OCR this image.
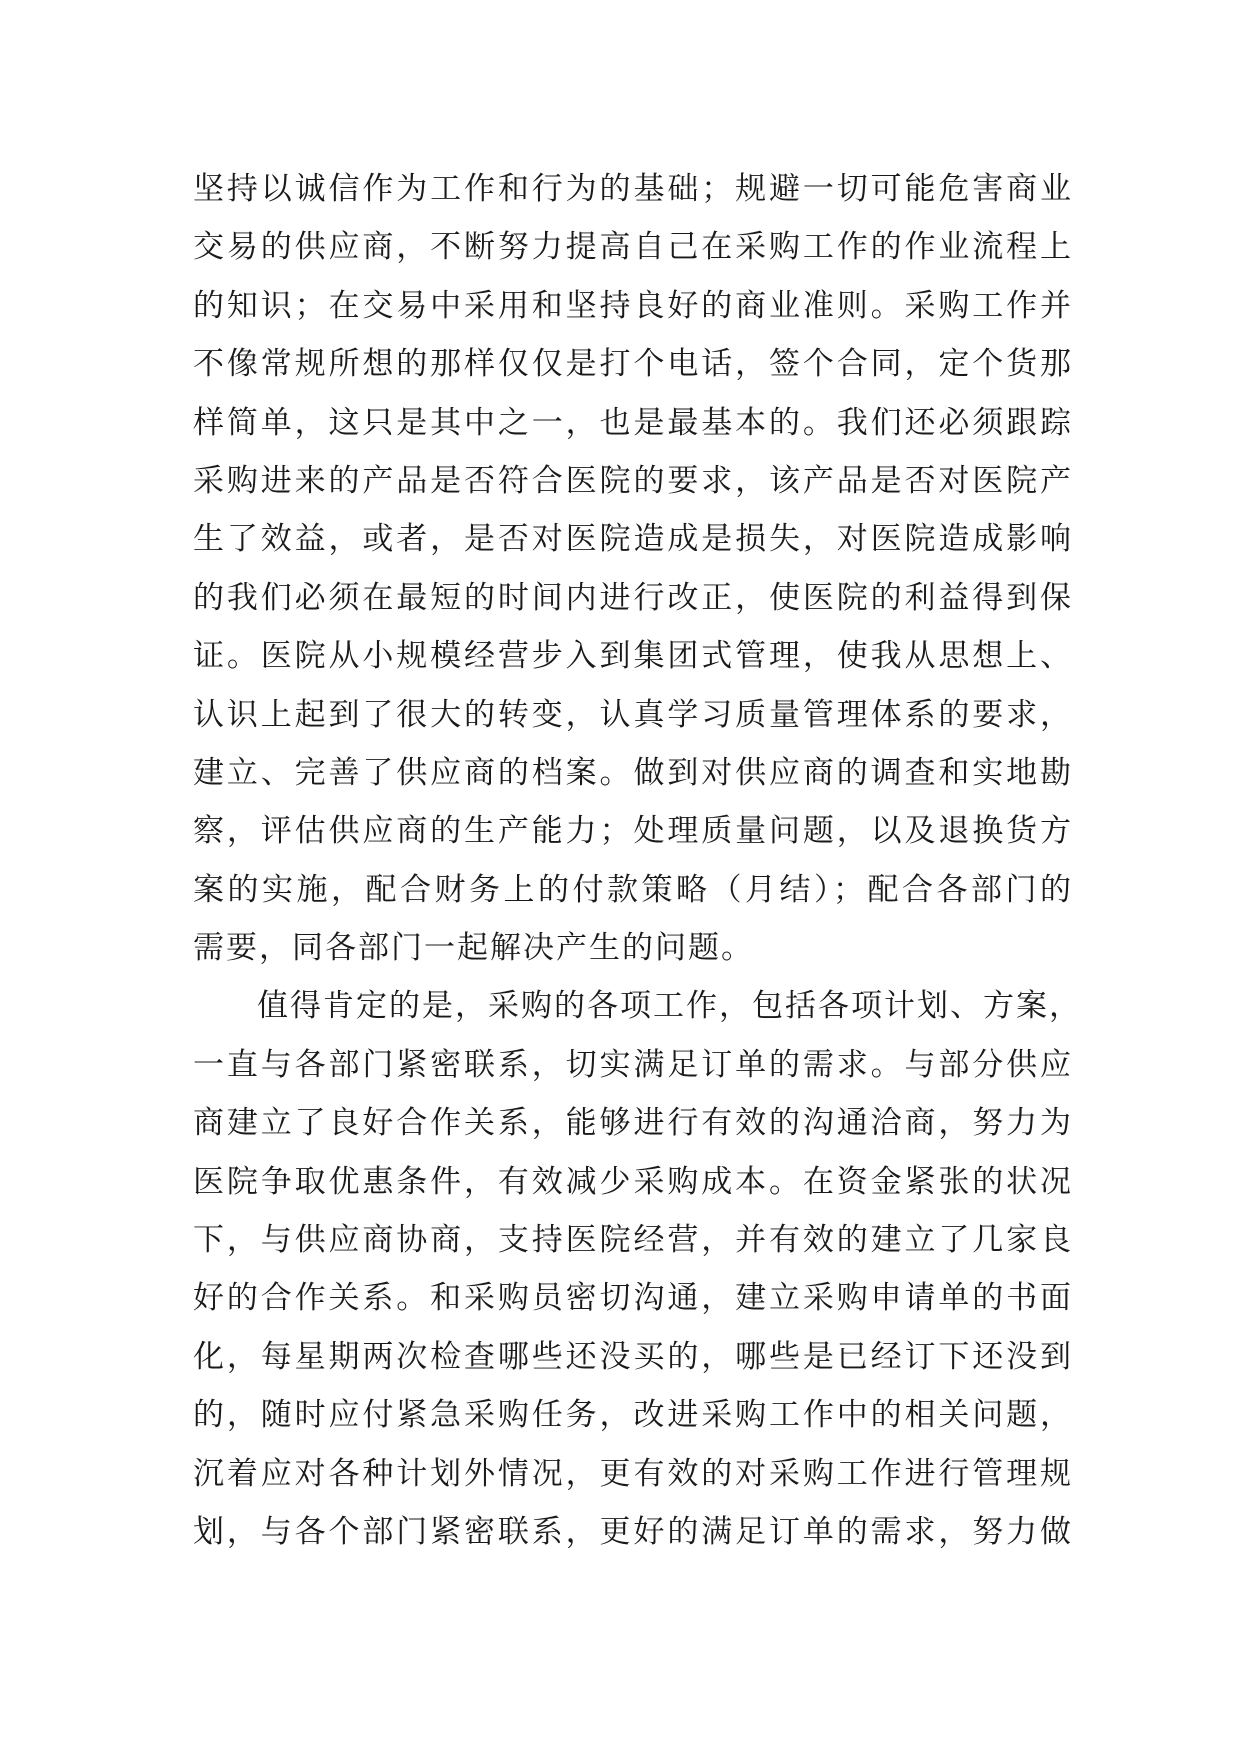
坚持以诚信作为工作和行为的基础；规避一切可能危害商业
交易的供应商，不断努力提高自己在采购工作的作业流程上
的知识；在交易中采用和坚持良好的商业准则。采购工作并
不像常规所想的那样仅仅是打个电话，签个合同，定个货那
样简单，这只是其中之一，也是最基本的。我们还必须跟踪
采购进来的产品是否符合医院的要求，该产品是否对医院产
生了效益，或者，是否对医院造成是损失，对医院造成影响
的我们必须在最短的时间内进行改正，使医院的利益得到保
证。医院从小规模经营步入到集团式管理，使我从思想上、
认识上起到了很大的转变，认真学习质量管理体系的要求，
建立、完善了供应商的档案。做到对供应商的调查和实地勘
察，评估供应商的生产能力；处理质量问题，以及退换货方
案的实施，配合财务上的付款策略（月结）；配合各部门的
需要，同各部门一起解决产生的问题。
值得肯定的是，采购的各项工作，包括各项计划、方案，
一直与各部门紧密联系，切实满足订单的需求。与部分供应
商建立了良好合作关系，能够进行有效的沟通洽商，努力为
医院争取优惠条件，有效减少采购成本。在资金紧张的状况
下，与供应商协商，支持医院经营，并有效的建立了几家良
好的合作关系。和采购员密切沟通，建立采购申请单的书面
化，每星期两次检查哪些还没买的，哪些是已经订下还没到
的，随时应付紧急采购任务，改进采购工作中的相关问题，
沉着应对各种计划外情况，更有效的对采购工作进行管理规
划，与各个部门紧密联系，更好的满足订单的需求，努力做
